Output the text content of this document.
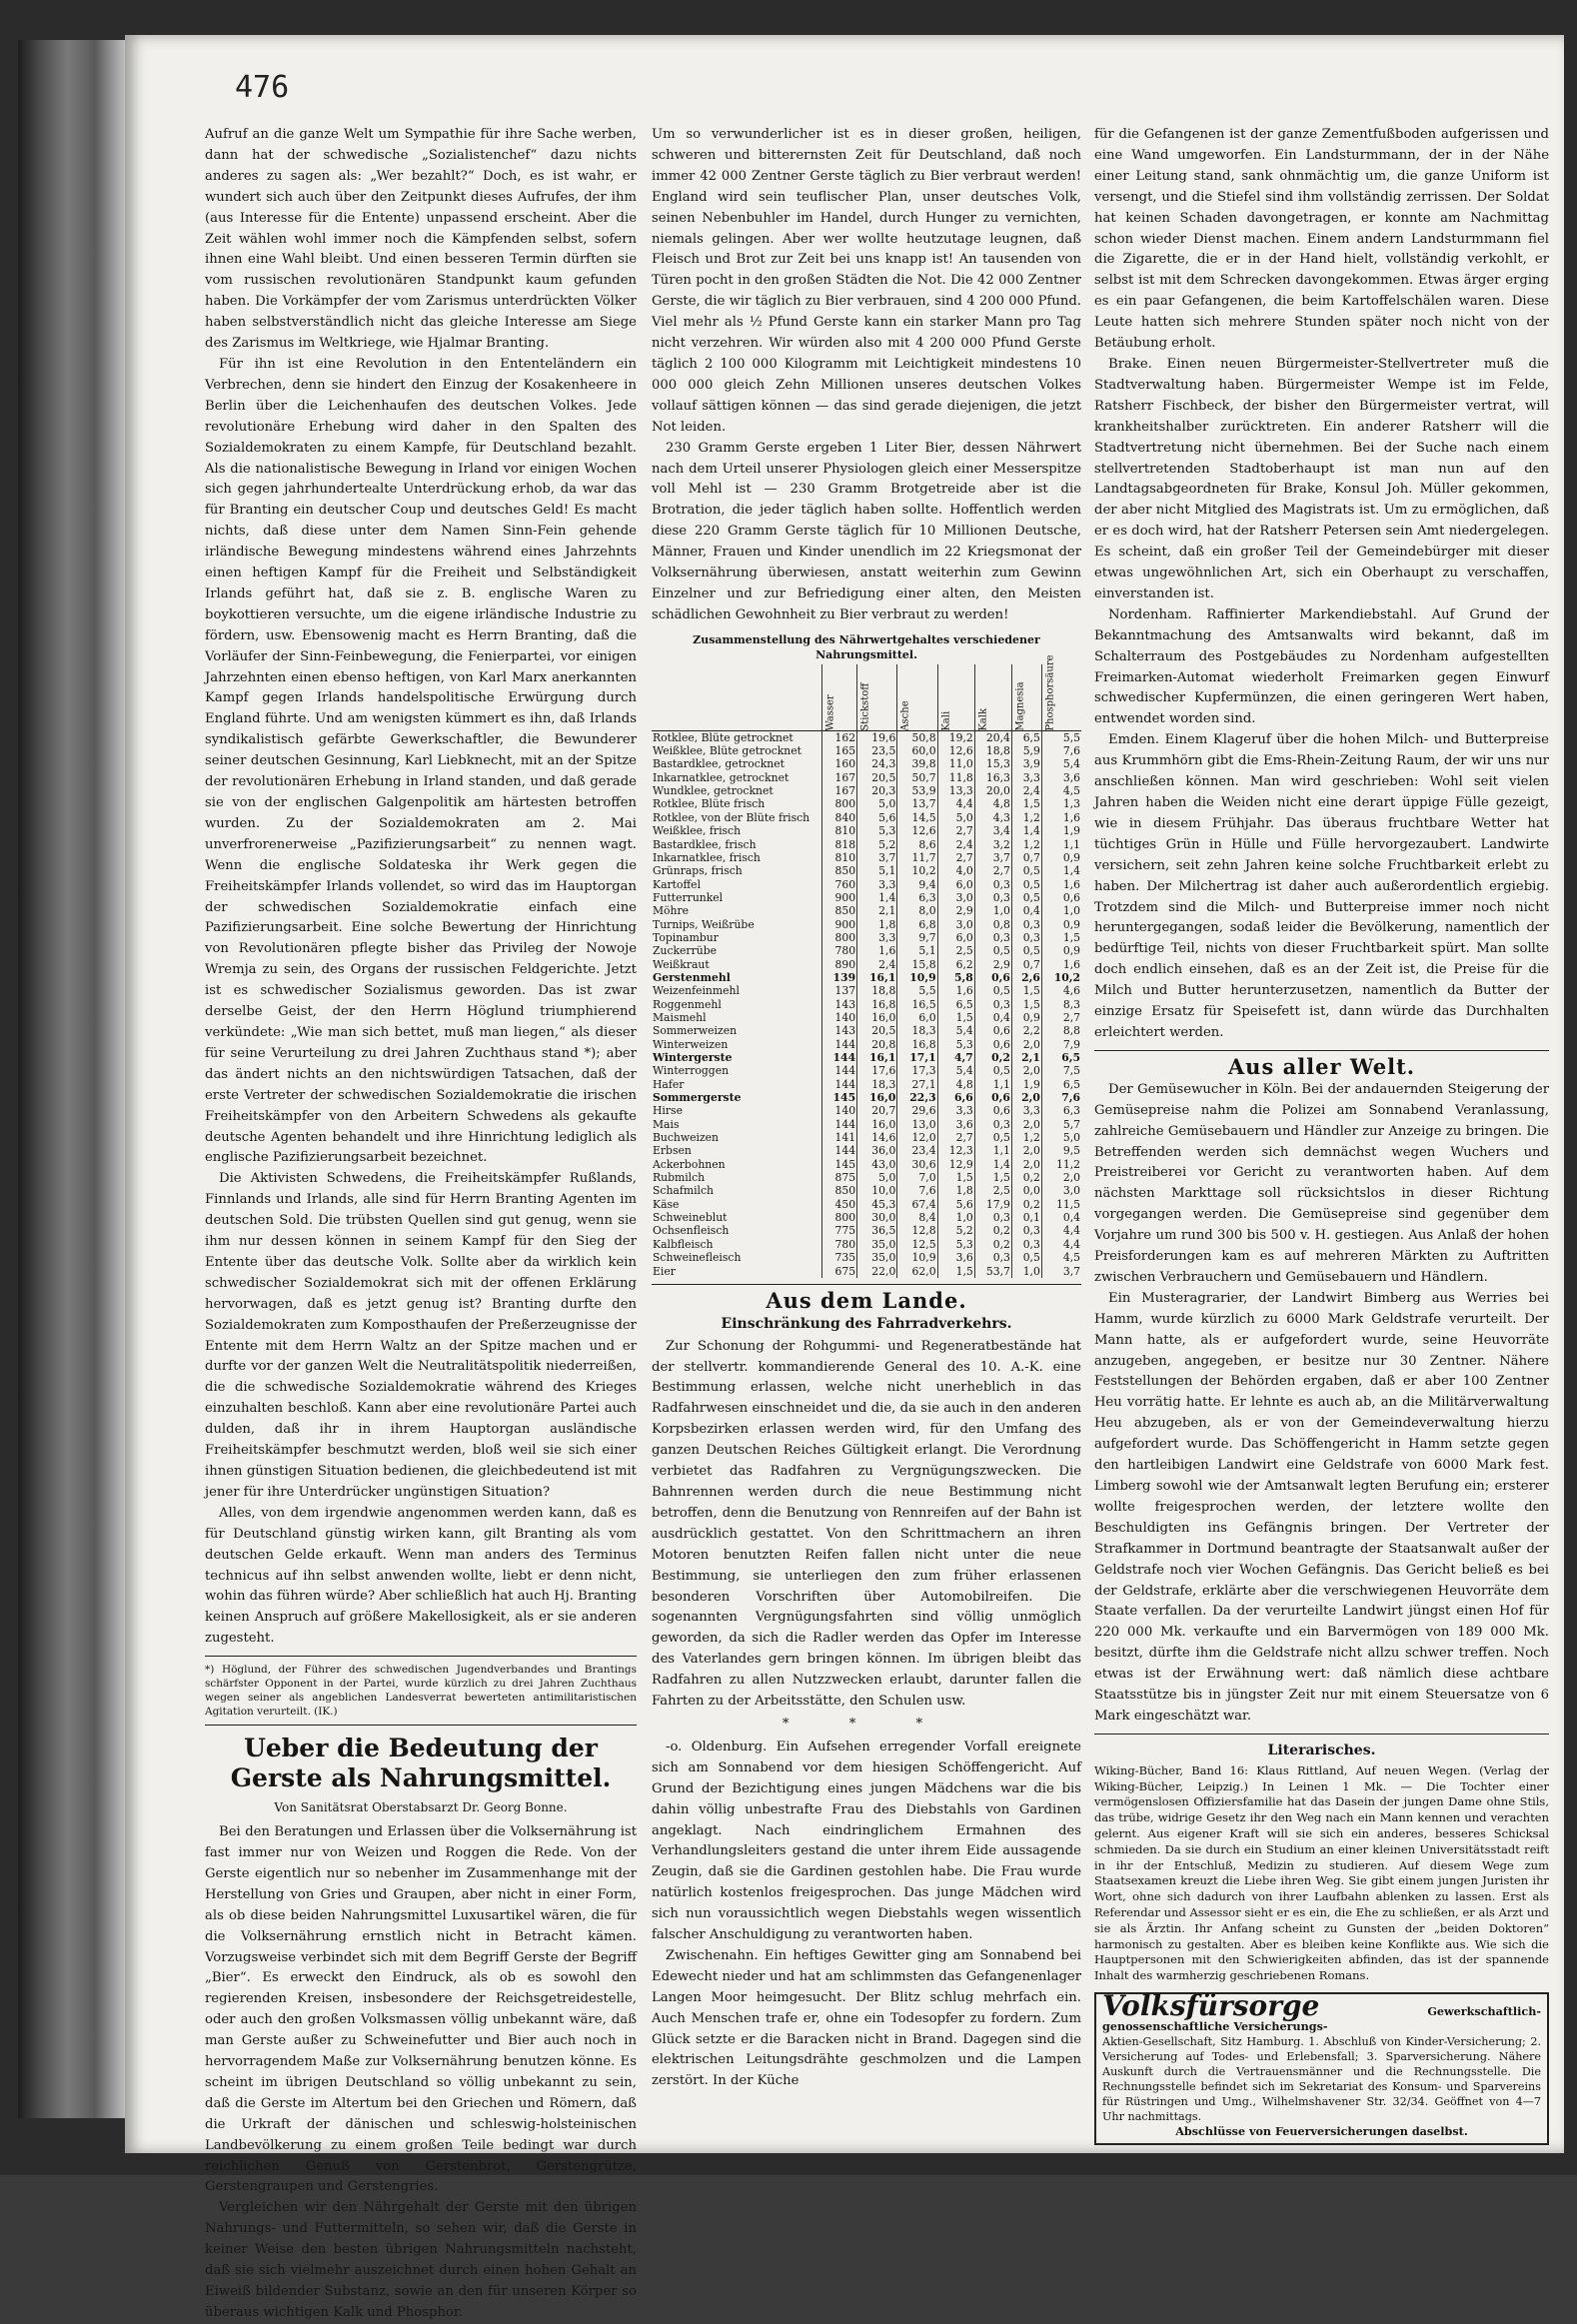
476

Aufruf an die ganze Welt um Sympathie für ihre Sache werben, dann hat der schwedische „Sozialistenchef“ dazu nichts anderes zu sagen als: „Wer bezahlt?“ Doch, es ist wahr, er wundert sich auch über den Zeitpunkt dieses Aufrufes, der ihm (aus Interesse für die Entente) unpassend erscheint. Aber die Zeit wählen wohl immer noch die Kämpfenden selbst, sofern ihnen eine Wahl bleibt. Und einen besseren Termin dürften sie vom russischen revolutionären Standpunkt kaum gefunden haben. Die Vorkämpfer der vom Zarismus unterdrückten Völker haben selbstverständlich nicht das gleiche Interesse am Siege des Zarismus im Weltkriege, wie Hjalmar Branting.

Für ihn ist eine Revolution in den Ententeländern ein Verbrechen, denn sie hindert den Einzug der Kosakenheere in Berlin über die Leichenhaufen des deutschen Volkes. Jede revolutionäre Erhebung wird daher in den Spalten des Sozialdemokraten zu einem Kampfe, für Deutschland bezahlt. Als die nationalistische Bewegung in Irland vor einigen Wochen sich gegen jahrhundertealte Unterdrückung erhob, da war das für Branting ein deutscher Coup und deutsches Geld! Es macht nichts, daß diese unter dem Namen Sinn-Fein gehende irländische Bewegung mindestens während eines Jahrzehnts einen heftigen Kampf für die Freiheit und Selbständigkeit Irlands geführt hat, daß sie z. B. englische Waren zu boykottieren versuchte, um die eigene irländische Industrie zu fördern, usw. Ebensowenig macht es Herrn Branting, daß die Vorläufer der Sinn-Feinbewegung, die Fenierpartei, vor einigen Jahrzehnten einen ebenso heftigen, von Karl Marx anerkannten Kampf gegen Irlands handelspolitische Erwürgung durch England führte. Und am wenigsten kümmert es ihn, daß Irlands syndikalistisch gefärbte Gewerkschaftler, die Bewunderer seiner deutschen Gesinnung, Karl Liebknecht, mit an der Spitze der revolutionären Erhebung in Irland standen, und daß gerade sie von der englischen Galgenpolitik am härtesten betroffen wurden. Zu der Sozialdemokraten am 2. Mai unverfrorenerweise „Pazifizierungsarbeit“ zu nennen wagt. Wenn die englische Soldateska ihr Werk gegen die Freiheitskämpfer Irlands vollendet, so wird das im Hauptorgan der schwedischen Sozialdemokratie einfach eine Pazifizierungsarbeit. Eine solche Bewertung der Hinrichtung von Revolutionären pflegte bisher das Privileg der Nowoje Wremja zu sein, des Organs der russischen Feldgerichte. Jetzt ist es schwedischer Sozialismus geworden. Das ist zwar derselbe Geist, der den Herrn Höglund triumphierend verkündete: „Wie man sich bettet, muß man liegen,“ als dieser für seine Verurteilung zu drei Jahren Zuchthaus stand *); aber das ändert nichts an den nichtswürdigen Tatsachen, daß der erste Vertreter der schwedischen Sozialdemokratie die irischen Freiheitskämpfer von den Arbeitern Schwedens als gekaufte deutsche Agenten behandelt und ihre Hinrichtung lediglich als englische Pazifizierungsarbeit bezeichnet.

Die Aktivisten Schwedens, die Freiheitskämpfer Rußlands, Finnlands und Irlands, alle sind für Herrn Branting Agenten im deutschen Sold. Die trübsten Quellen sind gut genug, wenn sie ihm nur dessen können in seinem Kampf für den Sieg der Entente über das deutsche Volk. Sollte aber da wirklich kein schwedischer Sozialdemokrat sich mit der offenen Erklärung hervorwagen, daß es jetzt genug ist? Branting durfte den Sozialdemokraten zum Komposthaufen der Preßerzeugnisse der Entente mit dem Herrn Waltz an der Spitze machen und er durfte vor der ganzen Welt die Neutralitätspolitik niederreißen, die die schwedische Sozialdemokratie während des Krieges einzuhalten beschloß. Kann aber eine revolutionäre Partei auch dulden, daß ihr in ihrem Hauptorgan ausländische Freiheitskämpfer beschmutzt werden, bloß weil sie sich einer ihnen günstigen Situation bedienen, die gleichbedeutend ist mit jener für ihre Unterdrücker ungünstigen Situation?

Alles, von dem irgendwie angenommen werden kann, daß es für Deutschland günstig wirken kann, gilt Branting als vom deutschen Gelde erkauft. Wenn man anders des Terminus technicus auf ihn selbst anwenden wollte, liebt er denn nicht, wohin das führen würde? Aber schließlich hat auch Hj. Branting keinen Anspruch auf größere Makellosigkeit, als er sie anderen zugesteht.

*) Höglund, der Führer des schwedischen Jugendverbandes und Brantings schärfster Opponent in der Partei, wurde kürzlich zu drei Jahren Zuchthaus wegen seiner als angeblichen Landesverrat bewerteten antimilitaristischen Agitation verurteilt. (IK.)

Ueber die Bedeutung der Gerste als Nahrungsmittel.
Von Sanitätsrat Oberstabsarzt Dr. Georg Bonne.

Bei den Beratungen und Erlassen über die Volksernährung ist fast immer nur von Weizen und Roggen die Rede. Von der Gerste eigentlich nur so nebenher im Zusammenhange mit der Herstellung von Gries und Graupen, aber nicht in einer Form, als ob diese beiden Nahrungsmittel Luxusartikel wären, die für die Volksernährung ernstlich nicht in Betracht kämen. Vorzugsweise verbindet sich mit dem Begriff Gerste der Begriff „Bier“. Es erweckt den Eindruck, als ob es sowohl den regierenden Kreisen, insbesondere der Reichsgetreidestelle, oder auch den großen Volksmassen völlig unbekannt wäre, daß man Gerste außer zu Schweinefutter und Bier auch noch in hervorragendem Maße zur Volksernährung benutzen könne. Es scheint im übrigen Deutschland so völlig unbekannt zu sein, daß die Gerste im Altertum bei den Griechen und Römern, daß die Urkraft der dänischen und schleswig-holsteinischen Landbevölkerung zu einem großen Teile bedingt war durch reichlichen Genuß von Gerstenbrot, Gerstengrütze, Gerstengraupen und Gerstengries.

Vergleichen wir den Nährgehalt der Gerste mit den übrigen Nahrungs- und Futtermitteln, so sehen wir, daß die Gerste in keiner Weise den besten übrigen Nahrungsmitteln nachsteht, daß sie sich vielmehr auszeichnet durch einen hohen Gehalt an Eiweiß bildender Substanz, sowie an den für unseren Körper so überaus wichtigen Kalk und Phosphor.

Um so verwunderlicher ist es in dieser großen, heiligen, schweren und bitterernsten Zeit für Deutschland, daß noch immer 42 000 Zentner Gerste täglich zu Bier verbraut werden! England wird sein teuflischer Plan, unser deutsches Volk, seinen Nebenbuhler im Handel, durch Hunger zu vernichten, niemals gelingen. Aber wer wollte heutzutage leugnen, daß Fleisch und Brot zur Zeit bei uns knapp ist! An tausenden von Türen pocht in den großen Städten die Not. Die 42 000 Zentner Gerste, die wir täglich zu Bier verbrauen, sind 4 200 000 Pfund. Viel mehr als ½ Pfund Gerste kann ein starker Mann pro Tag nicht verzehren. Wir würden also mit 4 200 000 Pfund Gerste täglich 2 100 000 Kilogramm mit Leichtigkeit mindestens 10 000 000 gleich Zehn Millionen unseres deutschen Volkes vollauf sättigen können — das sind gerade diejenigen, die jetzt Not leiden.

230 Gramm Gerste ergeben 1 Liter Bier, dessen Nährwert nach dem Urteil unserer Physiologen gleich einer Messerspitze voll Mehl ist — 230 Gramm Brotgetreide aber ist die Brotration, die jeder täglich haben sollte. Hoffentlich werden diese 220 Gramm Gerste täglich für 10 Millionen Deutsche, Männer, Frauen und Kinder unendlich im 22 Kriegsmonat der Volksernährung überwiesen, anstatt weiterhin zum Gewinn Einzelner und zur Befriedigung einer alten, den Meisten schädlichen Gewohnheit zu Bier verbraut zu werden!

Zusammenstellung des Nährwertgehaltes verschiedener Nahrungsmittel.
	Wasser	Stickstoff	Asche	Kali	Kalk	Magnesia	Phosphorsäure
Rotklee, Blüte getrocknet	162	19,6	50,8	19,2	20,4	6,5	5,5
Weißklee, Blüte getrocknet	165	23,5	60,0	12,6	18,8	5,9	7,6
Bastardklee, getrocknet	160	24,3	39,8	11,0	15,3	3,9	5,4
Inkarnatklee, getrocknet	167	20,5	50,7	11,8	16,3	3,3	3,6
Wundklee, getrocknet	167	20,3	53,9	13,3	20,0	2,4	4,5
Rotklee, Blüte frisch	800	5,0	13,7	4,4	4,8	1,5	1,3
Rotklee, von der Blüte frisch	840	5,6	14,5	5,0	4,3	1,2	1,6
Weißklee, frisch	810	5,3	12,6	2,7	3,4	1,4	1,9
Bastardklee, frisch	818	5,2	8,6	2,4	3,2	1,2	1,1
Inkarnatklee, frisch	810	3,7	11,7	2,7	3,7	0,7	0,9
Grünraps, frisch	850	5,1	10,2	4,0	2,7	0,5	1,4
Kartoffel	760	3,3	9,4	6,0	0,3	0,5	1,6
Futterrunkel	900	1,4	6,3	3,0	0,3	0,5	0,6
Möhre	850	2,1	8,0	2,9	1,0	0,4	1,0
Turnips, Weißrübe	900	1,8	6,8	3,0	0,8	0,3	0,9
Topinambur	800	3,3	9,7	6,0	0,3	0,3	1,5
Zuckerrübe	780	1,6	5,1	2,5	0,5	0,5	0,9
Weißkraut	890	2,4	15,8	6,2	2,9	0,7	1,6
Gerstenmehl	139	16,1	10,9	5,8	0,6	2,6	10,2
Weizenfeinmehl	137	18,8	5,5	1,6	0,5	1,5	4,6
Roggenmehl	143	16,8	16,5	6,5	0,3	1,5	8,3
Maismehl	140	16,0	6,0	1,5	0,4	0,9	2,7
Sommerweizen	143	20,5	18,3	5,4	0,6	2,2	8,8
Winterweizen	144	20,8	16,8	5,3	0,6	2,0	7,9
Wintergerste	144	16,1	17,1	4,7	0,2	2,1	6,5
Winterroggen	144	17,6	17,3	5,4	0,5	2,0	7,5
Hafer	144	18,3	27,1	4,8	1,1	1,9	6,5
Sommergerste	145	16,0	22,3	6,6	0,6	2,0	7,6
Hirse	140	20,7	29,6	3,3	0,6	3,3	6,3
Mais	144	16,0	13,0	3,6	0,3	2,0	5,7
Buchweizen	141	14,6	12,0	2,7	0,5	1,2	5,0
Erbsen	144	36,0	23,4	12,3	1,1	2,0	9,5
Ackerbohnen	145	43,0	30,6	12,9	1,4	2,0	11,2
Rubmilch	875	5,0	7,0	1,5	1,5	0,2	2,0
Schafmilch	850	10,0	7,6	1,8	2,5	0,0	3,0
Käse	450	45,3	67,4	5,6	17,9	0,2	11,5
Schweineblut	800	30,0	8,4	1,0	0,3	0,1	0,4
Ochsenfleisch	775	36,5	12,8	5,2	0,2	0,3	4,4
Kalbfleisch	780	35,0	12,5	5,3	0,2	0,3	4,4
Schweinefleisch	735	35,0	10,9	3,6	0,3	0,5	4,5
Eier	675	22,0	62,0	1,5	53,7	1,0	3,7
Aus dem Lande.
Einschränkung des Fahrradverkehrs.

Zur Schonung der Rohgummi- und Regeneratbestände hat der stellvertr. kommandierende General des 10. A.-K. eine Bestimmung erlassen, welche nicht unerheblich in das Radfahrwesen einschneidet und die, da sie auch in den anderen Korpsbezirken erlassen werden wird, für den Umfang des ganzen Deutschen Reiches Gültigkeit erlangt. Die Verordnung verbietet das Radfahren zu Vergnügungszwecken. Die Bahnrennen werden durch die neue Bestimmung nicht betroffen, denn die Benutzung von Rennreifen auf der Bahn ist ausdrücklich gestattet. Von den Schrittmachern an ihren Motoren benutzten Reifen fallen nicht unter die neue Bestimmung, sie unterliegen den zum früher erlassenen besonderen Vorschriften über Automobilreifen. Die sogenannten Vergnügungsfahrten sind völlig unmöglich geworden, da sich die Radler werden das Opfer im Interesse des Vaterlandes gern bringen können. Im übrigen bleibt das Radfahren zu allen Nutzzwecken erlaubt, darunter fallen die Fahrten zu der Arbeitsstätte, den Schulen usw.

* * *

-o. Oldenburg. Ein Aufsehen erregender Vorfall ereignete sich am Sonnabend vor dem hiesigen Schöffengericht. Auf Grund der Bezichtigung eines jungen Mädchens war die bis dahin völlig unbestrafte Frau des Diebstahls von Gardinen angeklagt. Nach eindringlichem Ermahnen des Verhandlungsleiters gestand die unter ihrem Eide aussagende Zeugin, daß sie die Gardinen gestohlen habe. Die Frau wurde natürlich kostenlos freigesprochen. Das junge Mädchen wird sich nun voraussichtlich wegen Diebstahls wegen wissentlich falscher Anschuldigung zu verantworten haben.

Zwischenahn. Ein heftiges Gewitter ging am Sonnabend bei Edewecht nieder und hat am schlimmsten das Gefangenenlager Langen Moor heimgesucht. Der Blitz schlug mehrfach ein. Auch Menschen trafe er, ohne ein Todesopfer zu fordern. Zum Glück setzte er die Baracken nicht in Brand. Dagegen sind die elektrischen Leitungsdrähte geschmolzen und die Lampen zerstört. In der Küche

für die Gefangenen ist der ganze Zementfußboden aufgerissen und eine Wand umgeworfen. Ein Landsturmmann, der in der Nähe einer Leitung stand, sank ohnmächtig um, die ganze Uniform ist versengt, und die Stiefel sind ihm vollständig zerrissen. Der Soldat hat keinen Schaden davongetragen, er konnte am Nachmittag schon wieder Dienst machen. Einem andern Landsturmmann fiel die Zigarette, die er in der Hand hielt, vollständig verkohlt, er selbst ist mit dem Schrecken davongekommen. Etwas ärger erging es ein paar Gefangenen, die beim Kartoffelschälen waren. Diese Leute hatten sich mehrere Stunden später noch nicht von der Betäubung erholt.

Brake. Einen neuen Bürgermeister-Stellvertreter muß die Stadtverwaltung haben. Bürgermeister Wempe ist im Felde, Ratsherr Fischbeck, der bisher den Bürgermeister vertrat, will krankheitshalber zurücktreten. Ein anderer Ratsherr will die Stadtvertretung nicht übernehmen. Bei der Suche nach einem stellvertretenden Stadtoberhaupt ist man nun auf den Landtagsabgeordneten für Brake, Konsul Joh. Müller gekommen, der aber nicht Mitglied des Magistrats ist. Um zu ermöglichen, daß er es doch wird, hat der Ratsherr Petersen sein Amt niedergelegen. Es scheint, daß ein großer Teil der Gemeindebürger mit dieser etwas ungewöhnlichen Art, sich ein Oberhaupt zu verschaffen, einverstanden ist.

Nordenham. Raffinierter Markendiebstahl. Auf Grund der Bekanntmachung des Amtsanwalts wird bekannt, daß im Schalterraum des Postgebäudes zu Nordenham aufgestellten Freimarken-Automat wiederholt Freimarken gegen Einwurf schwedischer Kupfermünzen, die einen geringeren Wert haben, entwendet worden sind.

Emden. Einem Klageruf über die hohen Milch- und Butterpreise aus Krummhörn gibt die Ems-Rhein-Zeitung Raum, der wir uns nur anschließen können. Man wird geschrieben: Wohl seit vielen Jahren haben die Weiden nicht eine derart üppige Fülle gezeigt, wie in diesem Frühjahr. Das überaus fruchtbare Wetter hat tüchtiges Grün in Hülle und Fülle hervorgezaubert. Landwirte versichern, seit zehn Jahren keine solche Fruchtbarkeit erlebt zu haben. Der Milchertrag ist daher auch außerordentlich ergiebig. Trotzdem sind die Milch- und Butterpreise immer noch nicht heruntergegangen, sodaß leider die Bevölkerung, namentlich der bedürftige Teil, nichts von dieser Fruchtbarkeit spürt. Man sollte doch endlich einsehen, daß es an der Zeit ist, die Preise für die Milch und Butter herunterzusetzen, namentlich da Butter der einzige Ersatz für Speisefett ist, dann würde das Durchhalten erleichtert werden.

Aus aller Welt.

Der Gemüsewucher in Köln. Bei der andauernden Steigerung der Gemüsepreise nahm die Polizei am Sonnabend Veranlassung, zahlreiche Gemüsebauern und Händler zur Anzeige zu bringen. Die Betreffenden werden sich demnächst wegen Wuchers und Preistreiberei vor Gericht zu verantworten haben. Auf dem nächsten Markttage soll rücksichtslos in dieser Richtung vorgegangen werden. Die Gemüsepreise sind gegenüber dem Vorjahre um rund 300 bis 500 v. H. gestiegen. Aus Anlaß der hohen Preisforderungen kam es auf mehreren Märkten zu Auftritten zwischen Verbrauchern und Gemüsebauern und Händlern.

Ein Musteragrarier, der Landwirt Bimberg aus Werries bei Hamm, wurde kürzlich zu 6000 Mark Geldstrafe verurteilt. Der Mann hatte, als er aufgefordert wurde, seine Heuvorräte anzugeben, angegeben, er besitze nur 30 Zentner. Nähere Feststellungen der Behörden ergaben, daß er aber 100 Zentner Heu vorrätig hatte. Er lehnte es auch ab, an die Militärverwaltung Heu abzugeben, als er von der Gemeindeverwaltung hierzu aufgefordert wurde. Das Schöffengericht in Hamm setzte gegen den hartleibigen Landwirt eine Geldstrafe von 6000 Mark fest. Limberg sowohl wie der Amtsanwalt legten Berufung ein; ersterer wollte freigesprochen werden, der letztere wollte den Beschuldigten ins Gefängnis bringen. Der Vertreter der Strafkammer in Dortmund beantragte der Staatsanwalt außer der Geldstrafe noch vier Wochen Gefängnis. Das Gericht beließ es bei der Geldstrafe, erklärte aber die verschwiegenen Heuvorräte dem Staate verfallen. Da der verurteilte Landwirt jüngst einen Hof für 220 000 Mk. verkaufte und ein Barvermögen von 189 000 Mk. besitzt, dürfte ihm die Geldstrafe nicht allzu schwer treffen. Noch etwas ist der Erwähnung wert: daß nämlich diese achtbare Staatsstütze bis in jüngster Zeit nur mit einem Steuersatze von 6 Mark eingeschätzt war.

Literarisches.

Wiking-Bücher, Band 16: Klaus Rittland, Auf neuen Wegen. (Verlag der Wiking-Bücher, Leipzig.) In Leinen 1 Mk. — Die Tochter einer vermögenslosen Offiziersfamilie hat das Dasein der jungen Dame ohne Stils, das trübe, widrige Gesetz ihr den Weg nach ein Mann kennen und verachten gelernt. Aus eigener Kraft will sie sich ein anderes, besseres Schicksal schmieden. Da sie durch ein Studium an einer kleinen Universitätsstadt reift in ihr der Entschluß, Medizin zu studieren. Auf diesem Wege zum Staatsexamen kreuzt die Liebe ihren Weg. Sie gibt einem jungen Juristen ihr Wort, ohne sich dadurch von ihrer Laufbahn ablenken zu lassen. Erst als Referendar und Assessor sieht er es ein, die Ehe zu schließen, er als Arzt und sie als Ärztin. Ihr Anfang scheint zu Gunsten der „beiden Doktoren“ harmonisch zu gestalten. Aber es bleiben keine Konflikte aus. Wie sich die Hauptpersonen mit den Schwierigkeiten abfinden, das ist der spannende Inhalt des warmherzig geschriebenen Romans.

Volksfürsorge	Gewerkschaftlich-genossenschaftliche Versicherungs-
Aktien-Gesellschaft, Sitz Hamburg. 1. Abschluß von Kinder-Versicherung; 2. Versicherung auf Todes- und Erlebensfall; 3. Sparversicherung. Nähere Auskunft durch die Vertrauensmänner und die Rechnungsstelle. Die Rechnungsstelle befindet sich im Sekretariat des Konsum- und Sparvereins für Rüstringen und Umg., Wilhelmshavener Str. 32/34. Geöffnet von 4—7 Uhr nachmittags.
Abschlüsse von Feuerversicherungen daselbst.
